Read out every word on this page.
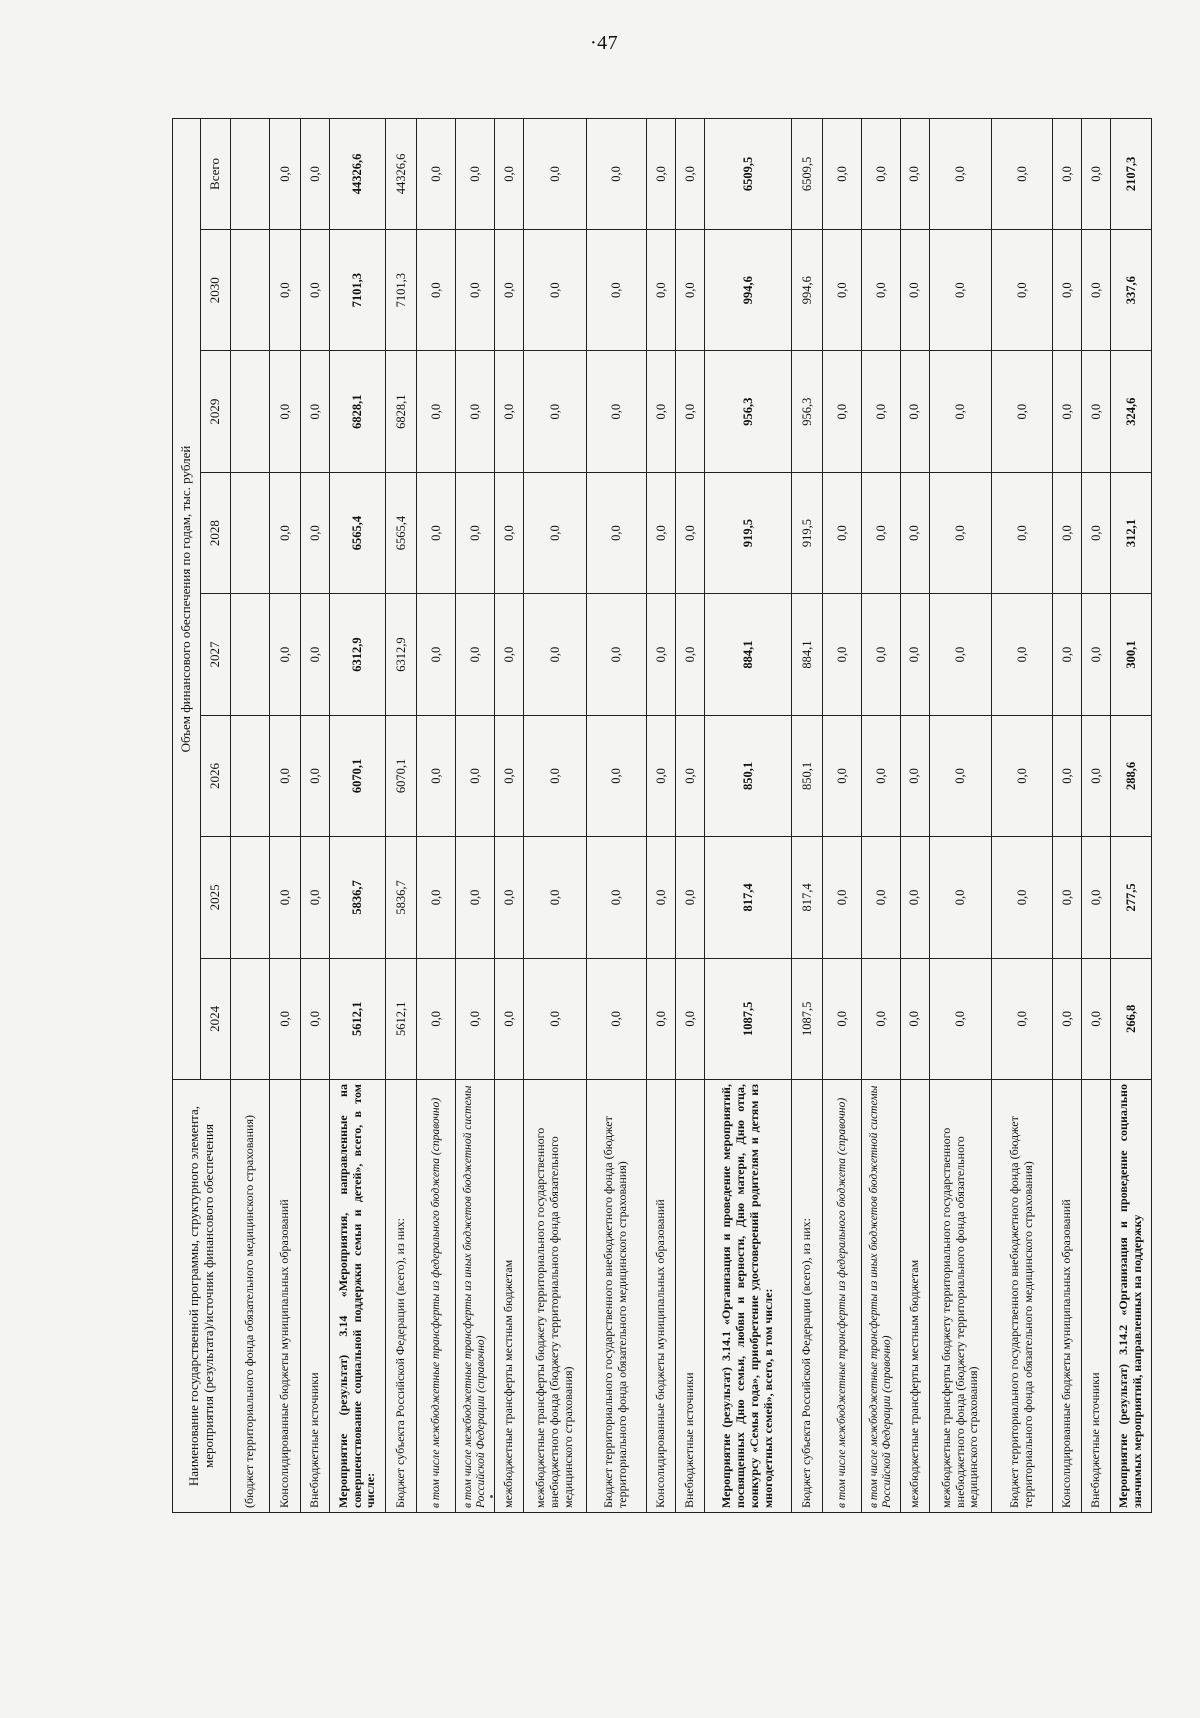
·47
Наименование государственной программы, структурного элемента, мероприятия (результата)/источник финансового обеспечения	Объем финансового обеспечения по годам, тыс. рублей							
	2024	2025	2026	2027	2028	2029	2030	Всего
(бюджет территориального фонда обязательного медицинского страхования)								
Консолидированные бюджеты муниципальных образований	0,0	0,0	0,0	0,0	0,0	0,0	0,0	0,0
Внебюджетные источники	0,0	0,0	0,0	0,0	0,0	0,0	0,0	0,0
Мероприятие (результат) 3.14 «Мероприятия, направленные на совершенствование социальной поддержки семьи и детей», всего, в том числе:	5612,1	5836,7	6070,1	6312,9	6565,4	6828,1	7101,3	44326,6
Бюджет субъекта Российской Федерации (всего), из них:	5612,1	5836,7	6070,1	6312,9	6565,4	6828,1	7101,3	44326,6
в том числе межбюджетные трансферты из федерального бюджета (справочно)	0,0	0,0	0,0	0,0	0,0	0,0	0,0	0,0
в том числе межбюджетные трансферты из иных бюджетов бюджетной системы Российской Федерации (справочно)	0,0	0,0	0,0	0,0	0,0	0,0	0,0	0,0
межбюджетные трансферты местным бюджетам	0,0	0,0	0,0	0,0	0,0	0,0	0,0	0,0
межбюджетные трансферты бюджету территориального государственного внебюджетного фонда (бюджету территориального фонда обязательного медицинского страхования)	0,0	0,0	0,0	0,0	0,0	0,0	0,0	0,0
Бюджет территориального государственного внебюджетного фонда (бюджет территориального фонда обязательного медицинского страхования)	0,0	0,0	0,0	0,0	0,0	0,0	0,0	0,0
Консолидированные бюджеты муниципальных образований	0,0	0,0	0,0	0,0	0,0	0,0	0,0	0,0
Внебюджетные источники	0,0	0,0	0,0	0,0	0,0	0,0	0,0	0,0
Мероприятие (результат) 3.14.1 «Организация и проведение мероприятий, посвященных Дню семьи, любви и верности, Дню матери, Дню отца, конкурсу «Семья года», приобретение удостоверений родителям и детям из многодетных семей», всего, в том числе:	1087,5	817,4	850,1	884,1	919,5	956,3	994,6	6509,5
Бюджет субъекта Российской Федерации (всего), из них:	1087,5	817,4	850,1	884,1	919,5	956,3	994,6	6509,5
в том числе межбюджетные трансферты из федерального бюджета (справочно)	0,0	0,0	0,0	0,0	0,0	0,0	0,0	0,0
в том числе межбюджетные трансферты из иных бюджетов бюджетной системы Российской Федерации (справочно)	0,0	0,0	0,0	0,0	0,0	0,0	0,0	0,0
межбюджетные трансферты местным бюджетам	0,0	0,0	0,0	0,0	0,0	0,0	0,0	0,0
межбюджетные трансферты бюджету территориального государственного внебюджетного фонда (бюджету территориального фонда обязательного медицинского страхования)	0,0	0,0	0,0	0,0	0,0	0,0	0,0	0,0
Бюджет территориального государственного внебюджетного фонда (бюджет территориального фонда обязательного медицинского страхования)	0,0	0,0	0,0	0,0	0,0	0,0	0,0	0,0
Консолидированные бюджеты муниципальных образований	0,0	0,0	0,0	0,0	0,0	0,0	0,0	0,0
Внебюджетные источники	0,0	0,0	0,0	0,0	0,0	0,0	0,0	0,0
Мероприятие (результат) 3.14.2 «Организация и проведение социально значимых мероприятий, направленных на поддержку	266,8	277,5	288,6	300,1	312,1	324,6	337,6	2107,3
